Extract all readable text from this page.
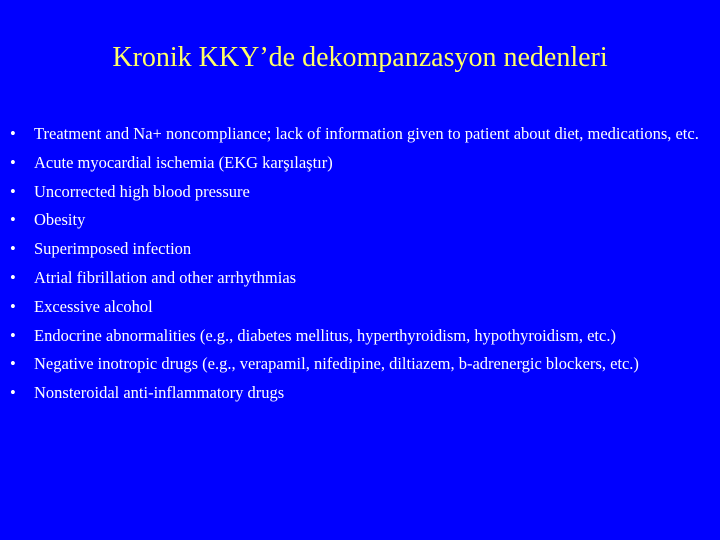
Kronik KKY’de dekompanzasyon nedenleri
•	Treatment and Na+ noncompliance; lack of information given to patient about diet, medications, etc.
•	Acute myocardial ischemia (EKG karşılaştır)
•	Uncorrected high blood pressure
•	Obesity
•	Superimposed infection
•	Atrial fibrillation and other arrhythmias
•	Excessive alcohol
•	Endocrine abnormalities (e.g., diabetes mellitus, hyperthyroidism, hypothyroidism, etc.)
•	Negative inotropic drugs (e.g., verapamil, nifedipine, diltiazem, b-adrenergic blockers, etc.)
•	Nonsteroidal anti-inflammatory drugs
